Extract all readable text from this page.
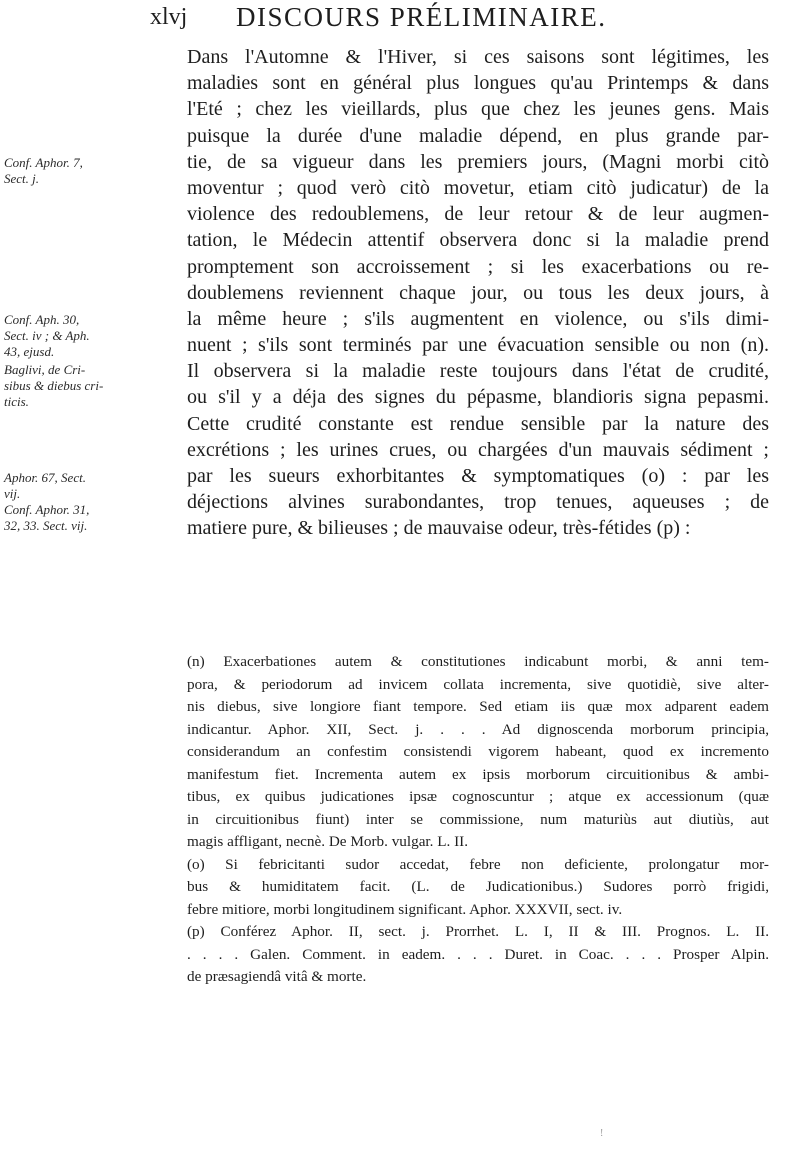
xlvj DISCOURS PRÉLIMINAIRE.
Conf. Aphor. 7,
Sect. j.
Conf. Aph. 30,
Sect. iv ; & Aph.
43, ejusd.
Baglivi, de Cri-
sibus & diebus cri-
ticis.
Aphor. 67, Sect.
vij.
Conf. Aphor. 31,
32, 33. Sect. vij.
Dans l'Automne & l'Hiver, si ces saisons sont légitimes, les
maladies sont en général plus longues qu'au Printemps & dans
l'Eté ; chez les vieillards, plus que chez les jeunes gens. Mais
puisque la durée d'une maladie dépend, en plus grande par-
tie, de sa vigueur dans les premiers jours, (Magni morbi citò
moventur ; quod verò citò movetur, etiam citò judicatur) de la
violence des redoublemens, de leur retour & de leur augmen-
tation, le Médecin attentif observera donc si la maladie prend
promptement son accroissement ; si les exacerbations ou re-
doublemens reviennent chaque jour, ou tous les deux jours, à
la même heure ; s'ils augmentent en violence, ou s'ils dimi-
nuent ; s'ils sont terminés par une évacuation sensible ou non (n).
Il observera si la maladie reste toujours dans l'état de crudité,
ou s'il y a déja des signes du pépasme, blandioris signa pepasmi.
Cette crudité constante est rendue sensible par la nature des
excrétions ; les urines crues, ou chargées d'un mauvais sédiment ;
par les sueurs exhorbitantes & symptomatiques (o) : par les
déjections alvines surabondantes, trop tenues, aqueuses ; de
matiere pure, & bilieuses ; de mauvaise odeur, très-fétides (p) :
(n) Exacerbationes autem & constitutiones indicabunt morbi, & anni tem-
pora, & periodorum ad invicem collata incrementa, sive quotidiè, sive alter-
nis diebus, sive longiore fiant tempore. Sed etiam iis quæ mox adparent eadem
indicantur. Aphor. XII, Sect. j. . . . Ad dignoscenda morborum principia,
considerandum an confestim consistendi vigorem habeant, quod ex incremento
manifestum fiet. Incrementa autem ex ipsis morborum circuitionibus & ambi-
tibus, ex quibus judicationes ipsæ cognoscuntur ; atque ex accessionum (quæ
in circuitionibus fiunt) inter se commissione, num maturiùs aut diutiùs, aut
magis affligant, necnè. De Morb. vulgar. L. II.
(o) Si febricitanti sudor accedat, febre non deficiente, prolongatur mor-
bus & humiditatem facit. (L. de Judicationibus.) Sudores porrò frigidi,
febre mitiore, morbi longitudinem significant. Aphor. XXXVII, sect. iv.
(p) Conférez Aphor. II, sect. j. Prorrhet. L. I, II & III. Prognos. L. II.
. . . . Galen. Comment. in eadem. . . . Duret. in Coac. . . . Prosper Alpin.
de præsagiendâ vitâ & morte.
!
